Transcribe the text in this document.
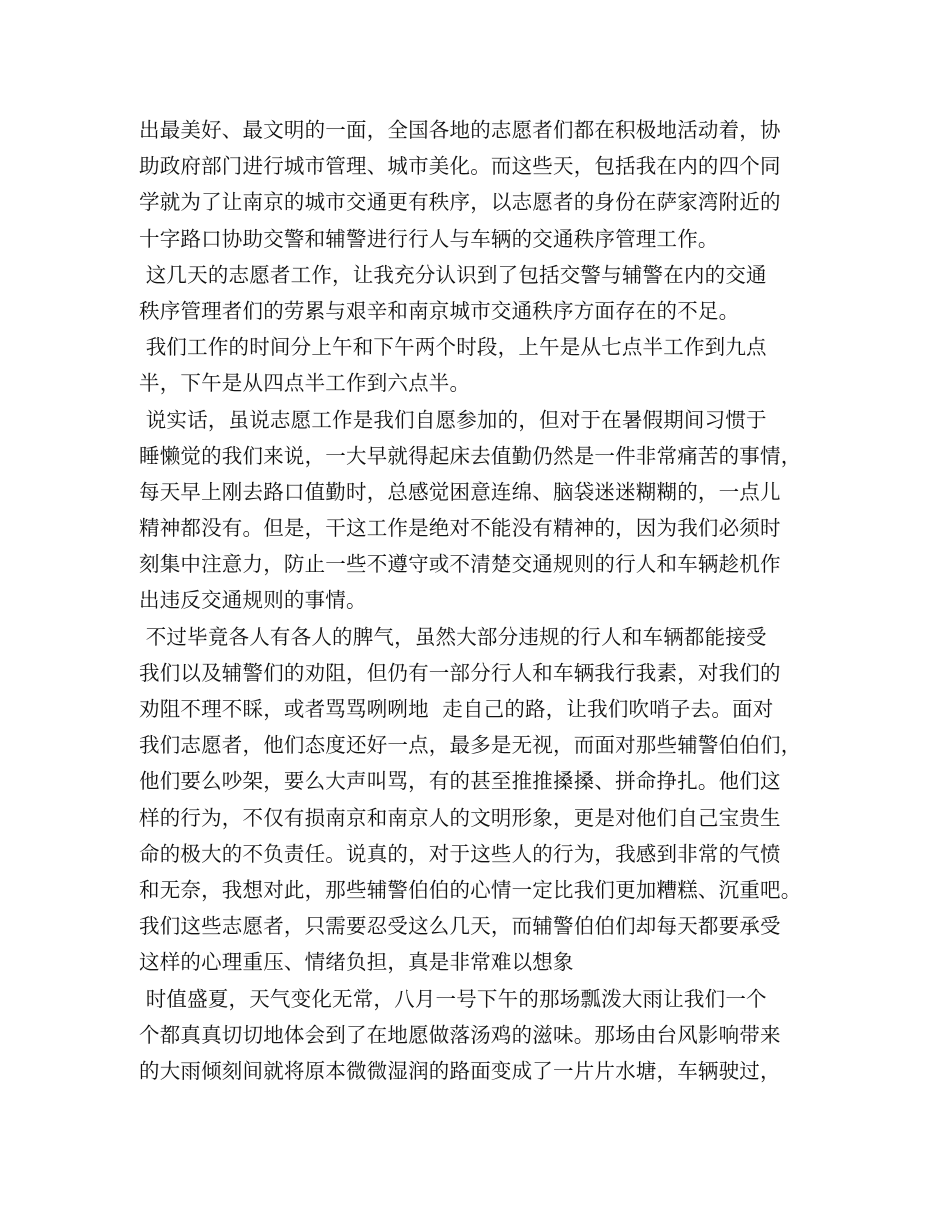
出最美好、最文明的一面，全国各地的志愿者们都在积极地活动着，协
助政府部门进行城市管理、城市美化。而这些天，包括我在内的四个同
学就为了让南京的城市交通更有秩序，以志愿者的身份在萨家湾附近的
十字路口协助交警和辅警进行行人与车辆的交通秩序管理工作。
这几天的志愿者工作，让我充分认识到了包括交警与辅警在内的交通
秩序管理者们的劳累与艰辛和南京城市交通秩序方面存在的不足。
我们工作的时间分上午和下午两个时段，上午是从七点半工作到九点
半，下午是从四点半工作到六点半。
说实话，虽说志愿工作是我们自愿参加的，但对于在暑假期间习惯于
睡懒觉的我们来说，一大早就得起床去值勤仍然是一件非常痛苦的事情，
每天早上刚去路口值勤时，总感觉困意连绵、脑袋迷迷糊糊的，一点儿
精神都没有。但是，干这工作是绝对不能没有精神的，因为我们必须时
刻集中注意力，防止一些不遵守或不清楚交通规则的行人和车辆趁机作
出违反交通规则的事情。
不过毕竟各人有各人的脾气，虽然大部分违规的行人和车辆都能接受
我们以及辅警们的劝阻，但仍有一部分行人和车辆我行我素，对我们的
劝阻不理不睬，或者骂骂咧咧地  走自己的路，让我们吹哨子去。面对
我们志愿者，他们态度还好一点，最多是无视，而面对那些辅警伯伯们，
他们要么吵架，要么大声叫骂，有的甚至推推搡搡、拼命挣扎。他们这
样的行为，不仅有损南京和南京人的文明形象，更是对他们自己宝贵生
命的极大的不负责任。说真的，对于这些人的行为，我感到非常的气愤
和无奈，我想对此，那些辅警伯伯的心情一定比我们更加糟糕、沉重吧。
我们这些志愿者，只需要忍受这么几天，而辅警伯伯们却每天都要承受
这样的心理重压、情绪负担，真是非常难以想象
时值盛夏，天气变化无常，八月一号下午的那场瓢泼大雨让我们一个
个都真真切切地体会到了在地愿做落汤鸡的滋味。那场由台风影响带来
的大雨倾刻间就将原本微微湿润的路面变成了一片片水塘，车辆驶过，
